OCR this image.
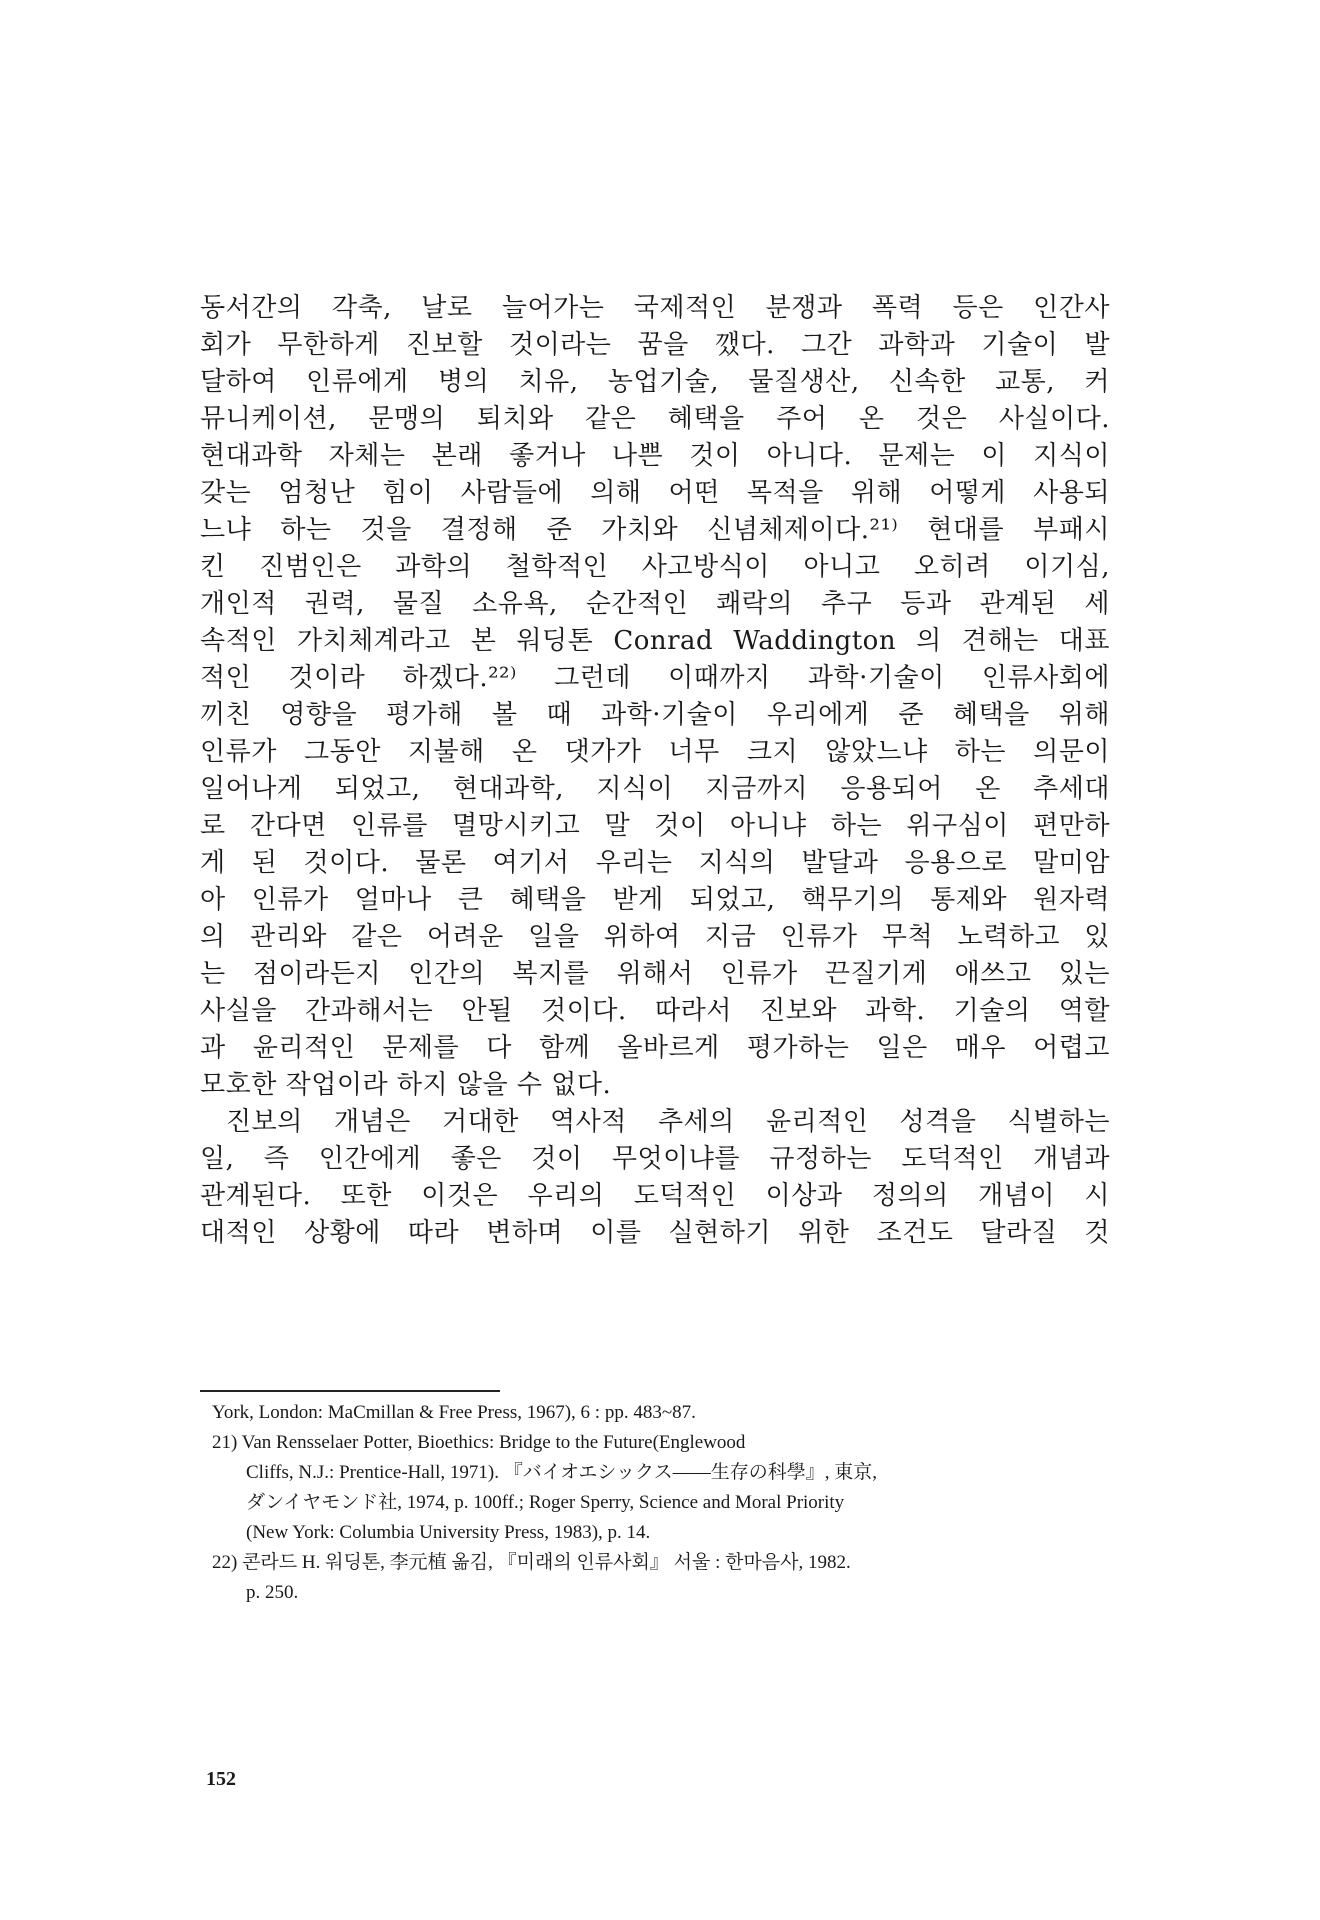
동서간의 각축, 날로 늘어가는 국제적인 분쟁과 폭력 등은 인간사
회가 무한하게 진보할 것이라는 꿈을 깼다. 그간 과학과 기술이 발
달하여 인류에게 병의 치유, 농업기술, 물질생산, 신속한 교통, 커
뮤니케이션, 문맹의 퇴치와 같은 혜택을 주어 온 것은 사실이다.
현대과학 자체는 본래 좋거나 나쁜 것이 아니다. 문제는 이 지식이
갖는 엄청난 힘이 사람들에 의해 어떤 목적을 위해 어떻게 사용되
느냐 하는 것을 결정해 준 가치와 신념체제이다.²¹⁾ 현대를 부패시
킨 진범인은 과학의 철학적인 사고방식이 아니고 오히려 이기심,
개인적 권력, 물질 소유욕, 순간적인 쾌락의 추구 등과 관계된 세
속적인 가치체계라고 본 워딩톤 Conrad Waddington 의 견해는 대표
적인 것이라 하겠다.²²⁾ 그런데 이때까지 과학·기술이 인류사회에
끼친 영향을 평가해 볼 때 과학·기술이 우리에게 준 혜택을 위해
인류가 그동안 지불해 온 댓가가 너무 크지 않았느냐 하는 의문이
일어나게 되었고, 현대과학, 지식이 지금까지 응용되어 온 추세대
로 간다면 인류를 멸망시키고 말 것이 아니냐 하는 위구심이 편만하
게 된 것이다. 물론 여기서 우리는 지식의 발달과 응용으로 말미암
아 인류가 얼마나 큰 혜택을 받게 되었고, 핵무기의 통제와 원자력
의 관리와 같은 어려운 일을 위하여 지금 인류가 무척 노력하고 있
는 점이라든지 인간의 복지를 위해서 인류가 끈질기게 애쓰고 있는
사실을 간과해서는 안될 것이다. 따라서 진보와 과학. 기술의 역할
과 윤리적인 문제를 다 함께 올바르게 평가하는 일은 매우 어렵고
모호한 작업이라 하지 않을 수 없다.
진보의 개념은 거대한 역사적 추세의 윤리적인 성격을 식별하는
일, 즉 인간에게 좋은 것이 무엇이냐를 규정하는 도덕적인 개념과
관계된다. 또한 이것은 우리의 도덕적인 이상과 정의의 개념이 시
대적인 상황에 따라 변하며 이를 실현하기 위한 조건도 달라질 것
York, London: MaCmillan & Free Press, 1967), 6 : pp. 483~87.
21) Van Rensselaer Potter, Bioethics: Bridge to the Future(Englewood
Cliffs, N.J.: Prentice-Hall, 1971). 『バイオエシックス——生存の科學』, 東京,
ダンイヤモンド社, 1974, p. 100ff.; Roger Sperry, Science and Moral Priority
(New York: Columbia University Press, 1983), p. 14.
22) 콘라드 H. 워딩톤, 李元植 옮김, 『미래의 인류사회』 서울 : 한마음사, 1982.
p. 250.
152
